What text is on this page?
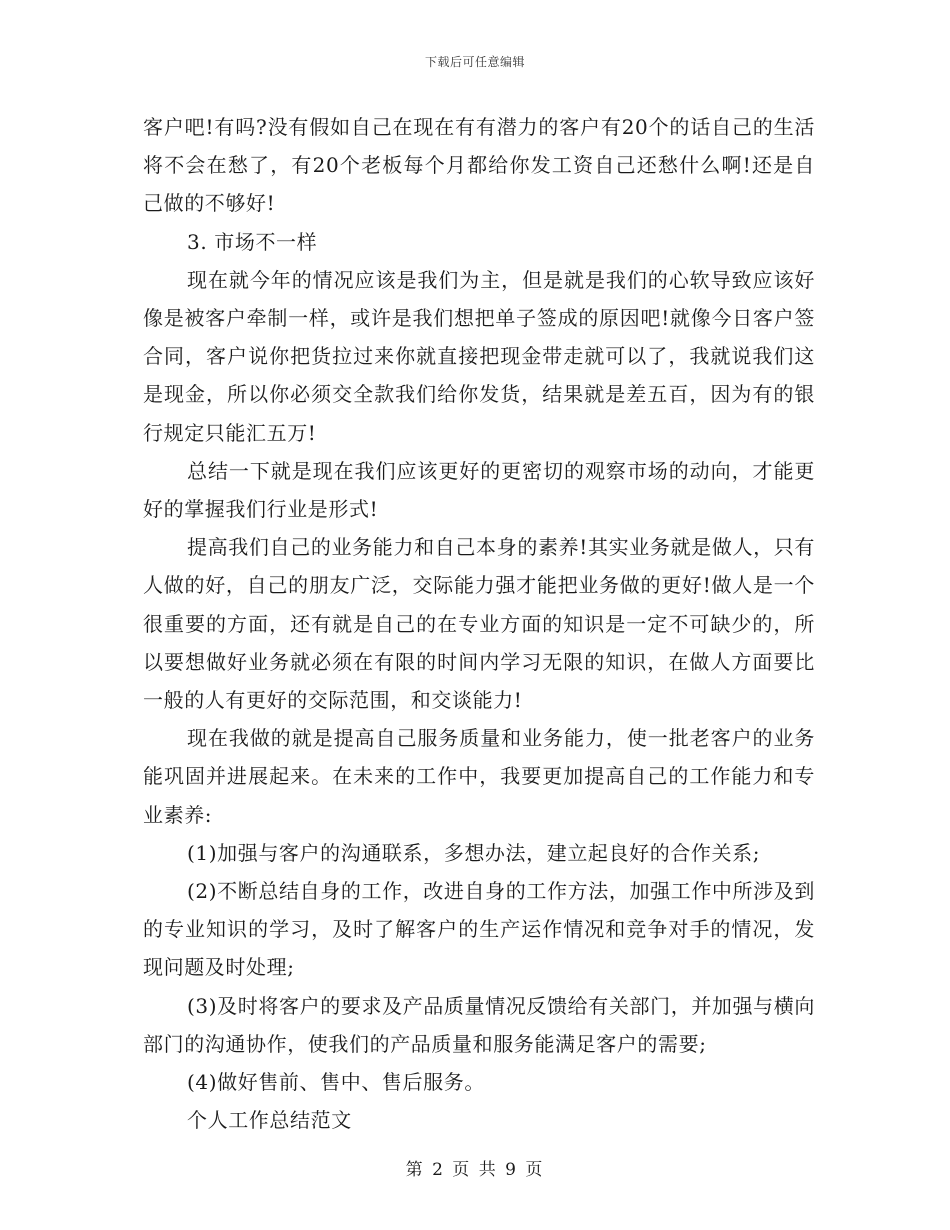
下载后可任意编辑

客户吧!有吗?没有假如自己在现在有有潜力的客户有20个的话自己的生活将不会在愁了，有20个老板每个月都给你发工资自己还愁什么啊!还是自己做的不够好!

3. 市场不一样

现在就今年的情况应该是我们为主，但是就是我们的心软导致应该好像是被客户牵制一样，或许是我们想把单子签成的原因吧!就像今日客户签合同，客户说你把货拉过来你就直接把现金带走就可以了，我就说我们这是现金，所以你必须交全款我们给你发货，结果就是差五百，因为有的银行规定只能汇五万!

总结一下就是现在我们应该更好的更密切的观察市场的动向，才能更好的掌握我们行业是形式!

提高我们自己的业务能力和自己本身的素养!其实业务就是做人，只有人做的好，自己的朋友广泛，交际能力强才能把业务做的更好!做人是一个很重要的方面，还有就是自己的在专业方面的知识是一定不可缺少的，所以要想做好业务就必须在有限的时间内学习无限的知识，在做人方面要比一般的人有更好的交际范围，和交谈能力!

现在我做的就是提高自己服务质量和业务能力，使一批老客户的业务能巩固并进展起来。在未来的工作中，我要更加提高自己的工作能力和专业素养:

(1)加强与客户的沟通联系，多想办法，建立起良好的合作关系;

(2)不断总结自身的工作，改进自身的工作方法，加强工作中所涉及到的专业知识的学习，及时了解客户的生产运作情况和竞争对手的情况，发现问题及时处理;

(3)及时将客户的要求及产品质量情况反馈给有关部门，并加强与横向部门的沟通协作，使我们的产品质量和服务能满足客户的需要;

(4)做好售前、售中、售后服务。

个人工作总结范文

第 2 页 共 9 页
